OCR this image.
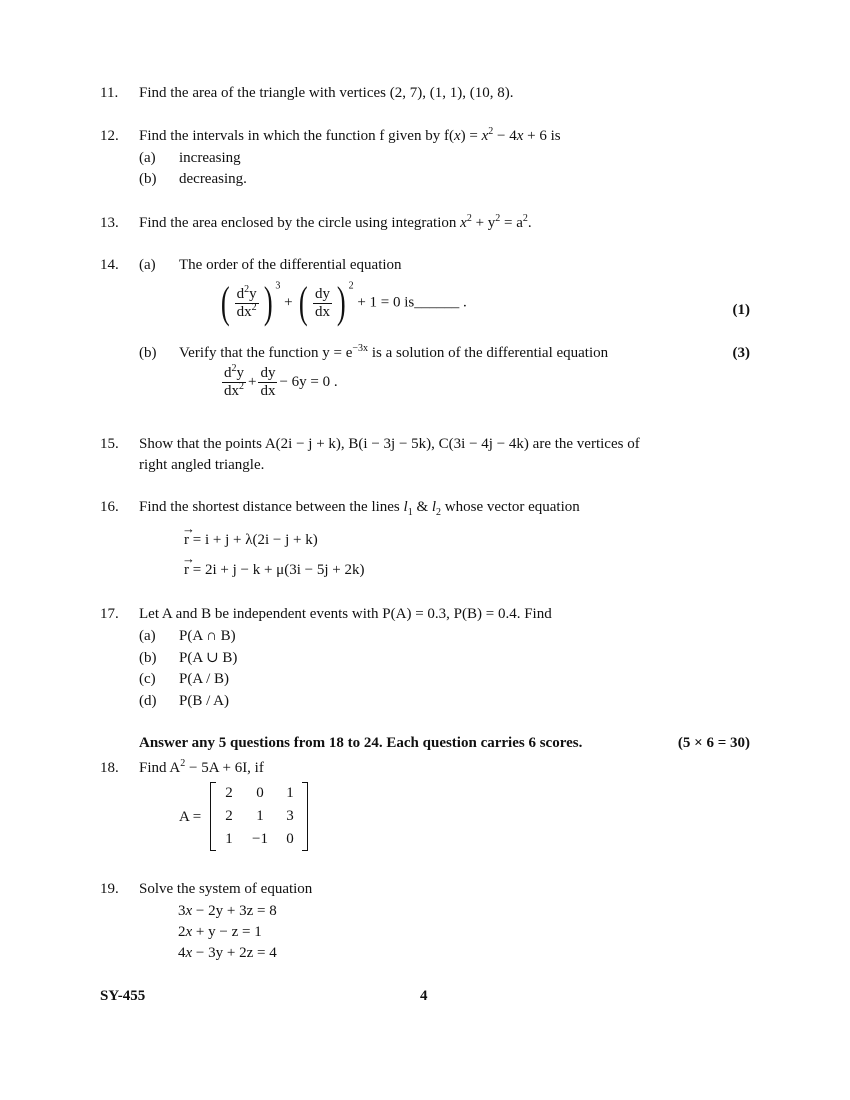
11. Find the area of the triangle with vertices (2, 7), (1, 1), (10, 8).
12. Find the intervals in which the function f given by $f(x) = x^2 - 4x + 6$ is
(a) increasing
(b) decreasing.
13. Find the area enclosed by the circle using integration $x^2 + y^2 = a^2$.
14. (a) The order of the differential equation
( $\frac{d^2y}{dx^2}$ ) $^3$ + ( $\frac{dy}{dx}$ ) $^2$ + 1 = 0 is______ .	(1)
(b) Verify that the function $y = e^{-3x}$ is a solution of the differential equation	(3)
$\frac{d^2y}{dx^2} + \frac{dy}{dx} - 6y = 0$ .
15. Show that the points A(2i − j + k), B(i − 3j − 5k), C(3i − 4j − 4k) are the vertices of
right angled triangle.
16. Find the shortest distance between the lines $l_1$ & $l_2$ whose vector equation
→
r = i + j + λ(2i − j + k)
→
r = 2i + j − k + μ(3i − 5j + 2k)
17. Let A and B be independent events with P(A) = 0.3, P(B) = 0.4. Find
(a) P(A ∩ B)
(b) P(A ∪ B)
(c) P(A / B)
(d) P(B / A)
Answer any 5 questions from 18 to 24. Each question carries 6 scores.	(5 × 6 = 30)
18. Find $A^2 - 5A + 6I$, if
A =
2	0	1
2	1	3
1	−1	0
19. Solve the system of equation
3x − 2y + 3z = 8
2x + y − z = 1
4x − 3y + 2z = 4
SY-455	4
